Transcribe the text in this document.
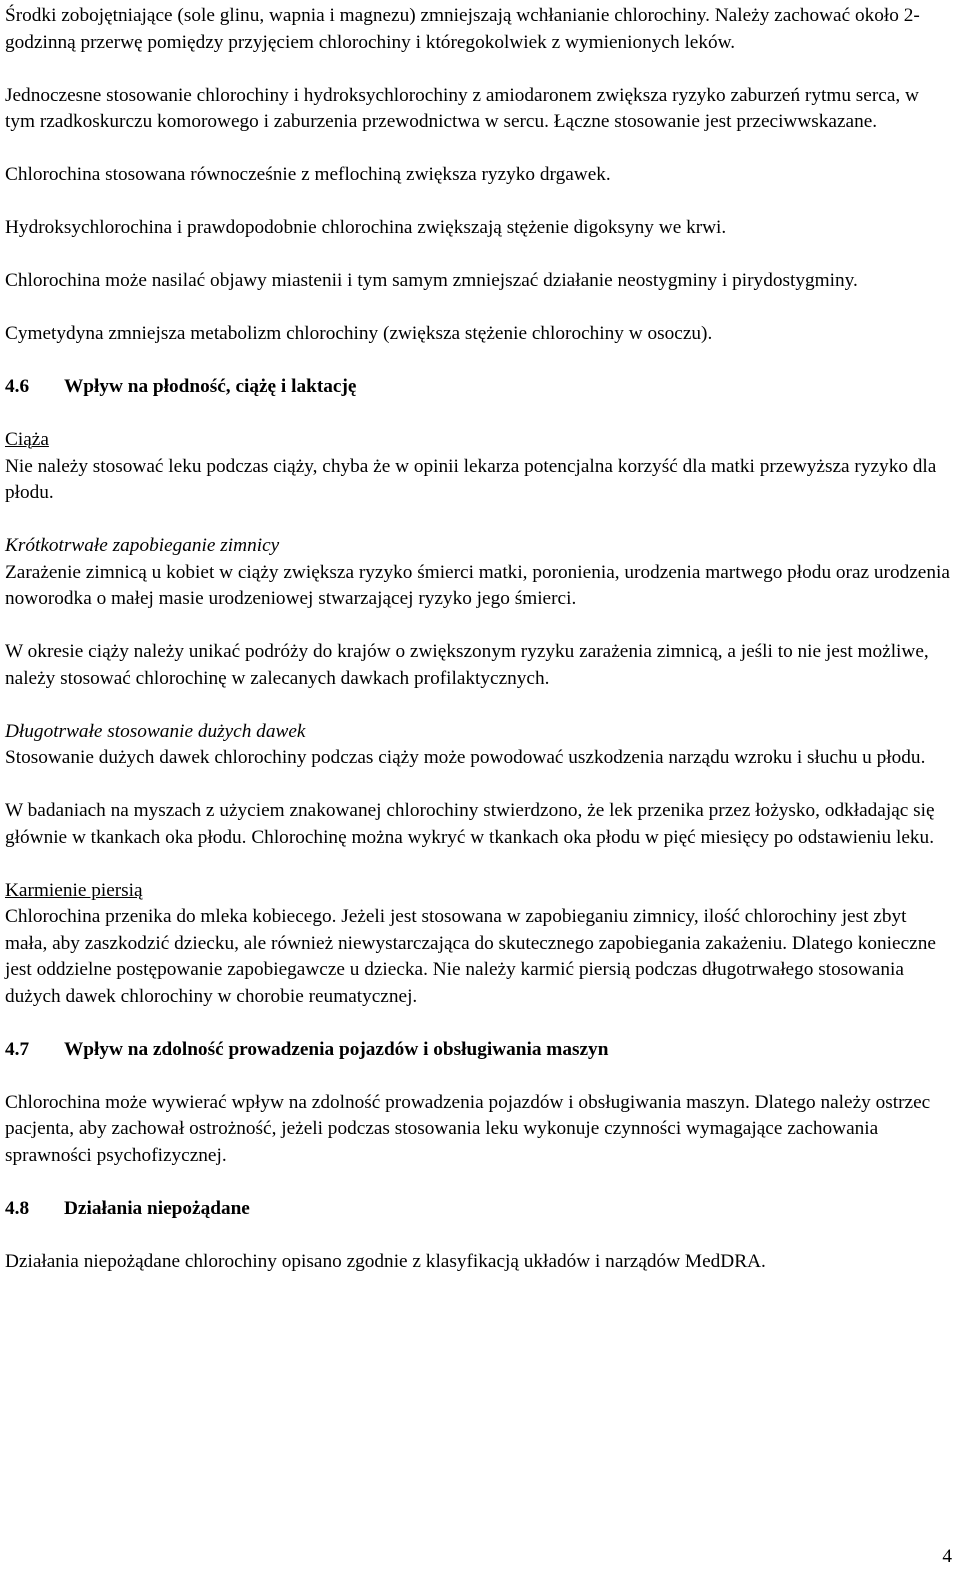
Środki zobojętniające (sole glinu, wapnia i magnezu) zmniejszają wchłanianie chlorochiny. Należy zachować około 2-godzinną przerwę pomiędzy przyjęciem chlorochiny i któregokolwiek z wymienionych leków.

Jednoczesne stosowanie chlorochiny i hydroksychlorochiny z amiodaronem zwiększa ryzyko zaburzeń rytmu serca, w tym rzadkoskurczu komorowego i zaburzenia przewodnictwa w sercu. Łączne stosowanie jest przeciwwskazane.

Chlorochina stosowana równocześnie z meflochiną zwiększa ryzyko drgawek.

Hydroksychlorochina i prawdopodobnie chlorochina zwiększają stężenie digoksyny we krwi.

Chlorochina może nasilać objawy miastenii i tym samym zmniejszać działanie neostygminy i pirydostygminy.

Cymetydyna zmniejsza metabolizm chlorochiny (zwiększa stężenie chlorochiny w osoczu).

4.6 Wpływ na płodność, ciążę i laktację

Ciąża
Nie należy stosować leku podczas ciąży, chyba że w opinii lekarza potencjalna korzyść dla matki przewyższa ryzyko dla płodu.

Krótkotrwałe zapobieganie zimnicy
Zarażenie zimnicą u kobiet w ciąży zwiększa ryzyko śmierci matki, poronienia, urodzenia martwego płodu oraz urodzenia noworodka o małej masie urodzeniowej stwarzającej ryzyko jego śmierci.

W okresie ciąży należy unikać podróży do krajów o zwiększonym ryzyku zarażenia zimnicą, a jeśli to nie jest możliwe, należy stosować chlorochinę w zalecanych dawkach profilaktycznych.

Długotrwałe stosowanie dużych dawek
Stosowanie dużych dawek chlorochiny podczas ciąży może powodować uszkodzenia narządu wzroku i słuchu u płodu.

W badaniach na myszach z użyciem znakowanej chlorochiny stwierdzono, że lek przenika przez łożysko, odkładając się głównie w tkankach oka płodu. Chlorochinę można wykryć w tkankach oka płodu w pięć miesięcy po odstawieniu leku.

Karmienie piersią
Chlorochina przenika do mleka kobiecego. Jeżeli jest stosowana w zapobieganiu zimnicy, ilość chlorochiny jest zbyt mała, aby zaszkodzić dziecku, ale również niewystarczająca do skutecznego zapobiegania zakażeniu. Dlatego konieczne jest oddzielne postępowanie zapobiegawcze u dziecka. Nie należy karmić piersią podczas długotrwałego stosowania dużych dawek chlorochiny w chorobie reumatycznej.

4.7 Wpływ na zdolność prowadzenia pojazdów i obsługiwania maszyn

Chlorochina może wywierać wpływ na zdolność prowadzenia pojazdów i obsługiwania maszyn. Dlatego należy ostrzec pacjenta, aby zachował ostrożność, jeżeli podczas stosowania leku wykonuje czynności wymagające zachowania sprawności psychofizycznej.

4.8 Działania niepożądane

Działania niepożądane chlorochiny opisano zgodnie z klasyfikacją układów i narządów MedDRA.

4
